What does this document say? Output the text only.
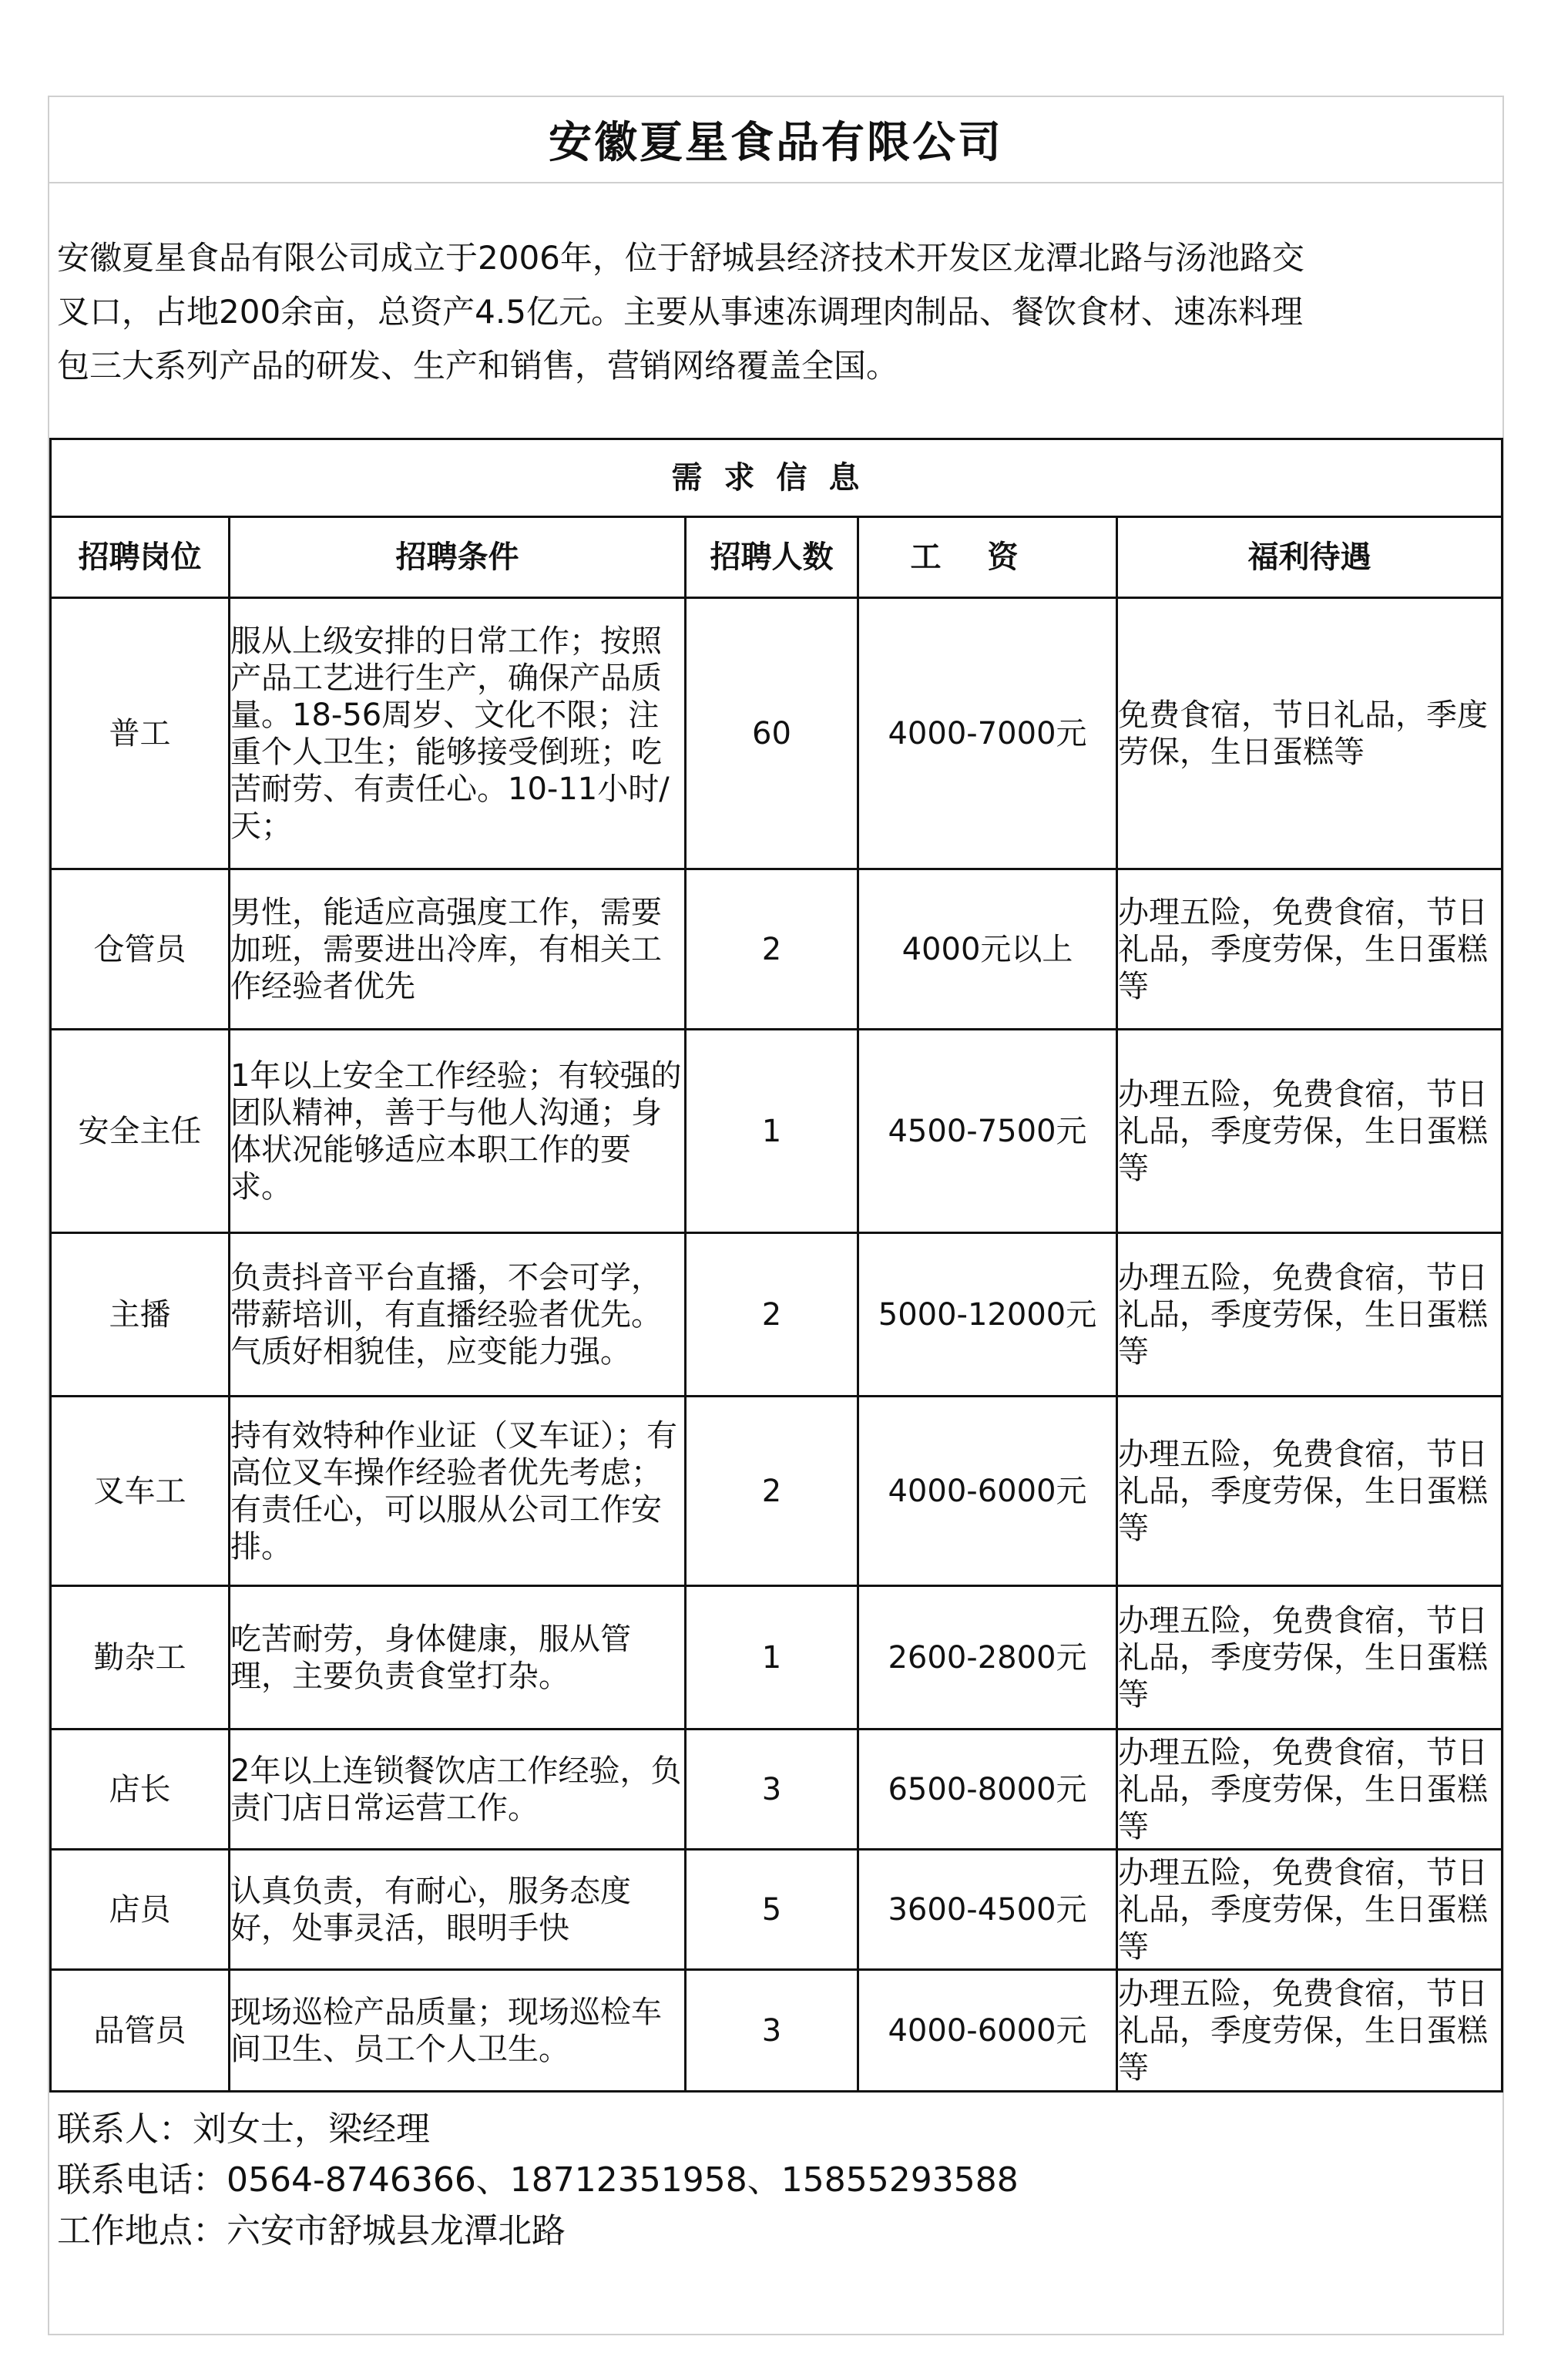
安徽夏星食品有限公司
安徽夏星食品有限公司成立于2006年，位于舒城县经济技术开发区龙潭北路与汤池路交
叉口，占地200余亩，总资产4.5亿元。主要从事速冻调理肉制品、餐饮食材、速冻料理
包三大系列产品的研发、生产和销售，营销网络覆盖全国。
需求信息				
招聘岗位	招聘条件	招聘人数	工资	福利待遇
普工	服从上级安排的日常工作；按照产品工艺进行生产，确保产品质量。18-56周岁、文化不限；注重个人卫生；能够接受倒班；吃苦耐劳、有责任心。10-11小时/天；	60	4000-7000元	免费食宿，节日礼品，季度劳保，生日蛋糕等
仓管员	男性，能适应高强度工作，需要加班，需要进出冷库，有相关工作经验者优先	2	4000元以上	办理五险，免费食宿，节日礼品，季度劳保，生日蛋糕等
安全主任	1年以上安全工作经验；有较强的团队精神，善于与他人沟通；身体状况能够适应本职工作的要求。	1	4500-7500元	办理五险，免费食宿，节日礼品，季度劳保，生日蛋糕等
主播	负责抖音平台直播，不会可学，带薪培训，有直播经验者优先。气质好相貌佳，应变能力强。	2	5000-12000元	办理五险，免费食宿，节日礼品，季度劳保，生日蛋糕等
叉车工	持有效特种作业证（叉车证）；有高位叉车操作经验者优先考虑；有责任心，可以服从公司工作安排。	2	4000-6000元	办理五险，免费食宿，节日礼品，季度劳保，生日蛋糕等
勤杂工	吃苦耐劳，身体健康，服从管理，主要负责食堂打杂。	1	2600-2800元	办理五险，免费食宿，节日礼品，季度劳保，生日蛋糕等
店长	2年以上连锁餐饮店工作经验，负责门店日常运营工作。	3	6500-8000元	办理五险，免费食宿，节日礼品，季度劳保，生日蛋糕等
店员	认真负责，有耐心，服务态度好，处事灵活，眼明手快	5	3600-4500元	办理五险，免费食宿，节日礼品，季度劳保，生日蛋糕等
品管员	现场巡检产品质量；现场巡检车间卫生、员工个人卫生。	3	4000-6000元	办理五险，免费食宿，节日礼品，季度劳保，生日蛋糕等
联系人：刘女士，梁经理
联系电话：0564-8746366、18712351958、15855293588
工作地点：六安市舒城县龙潭北路
